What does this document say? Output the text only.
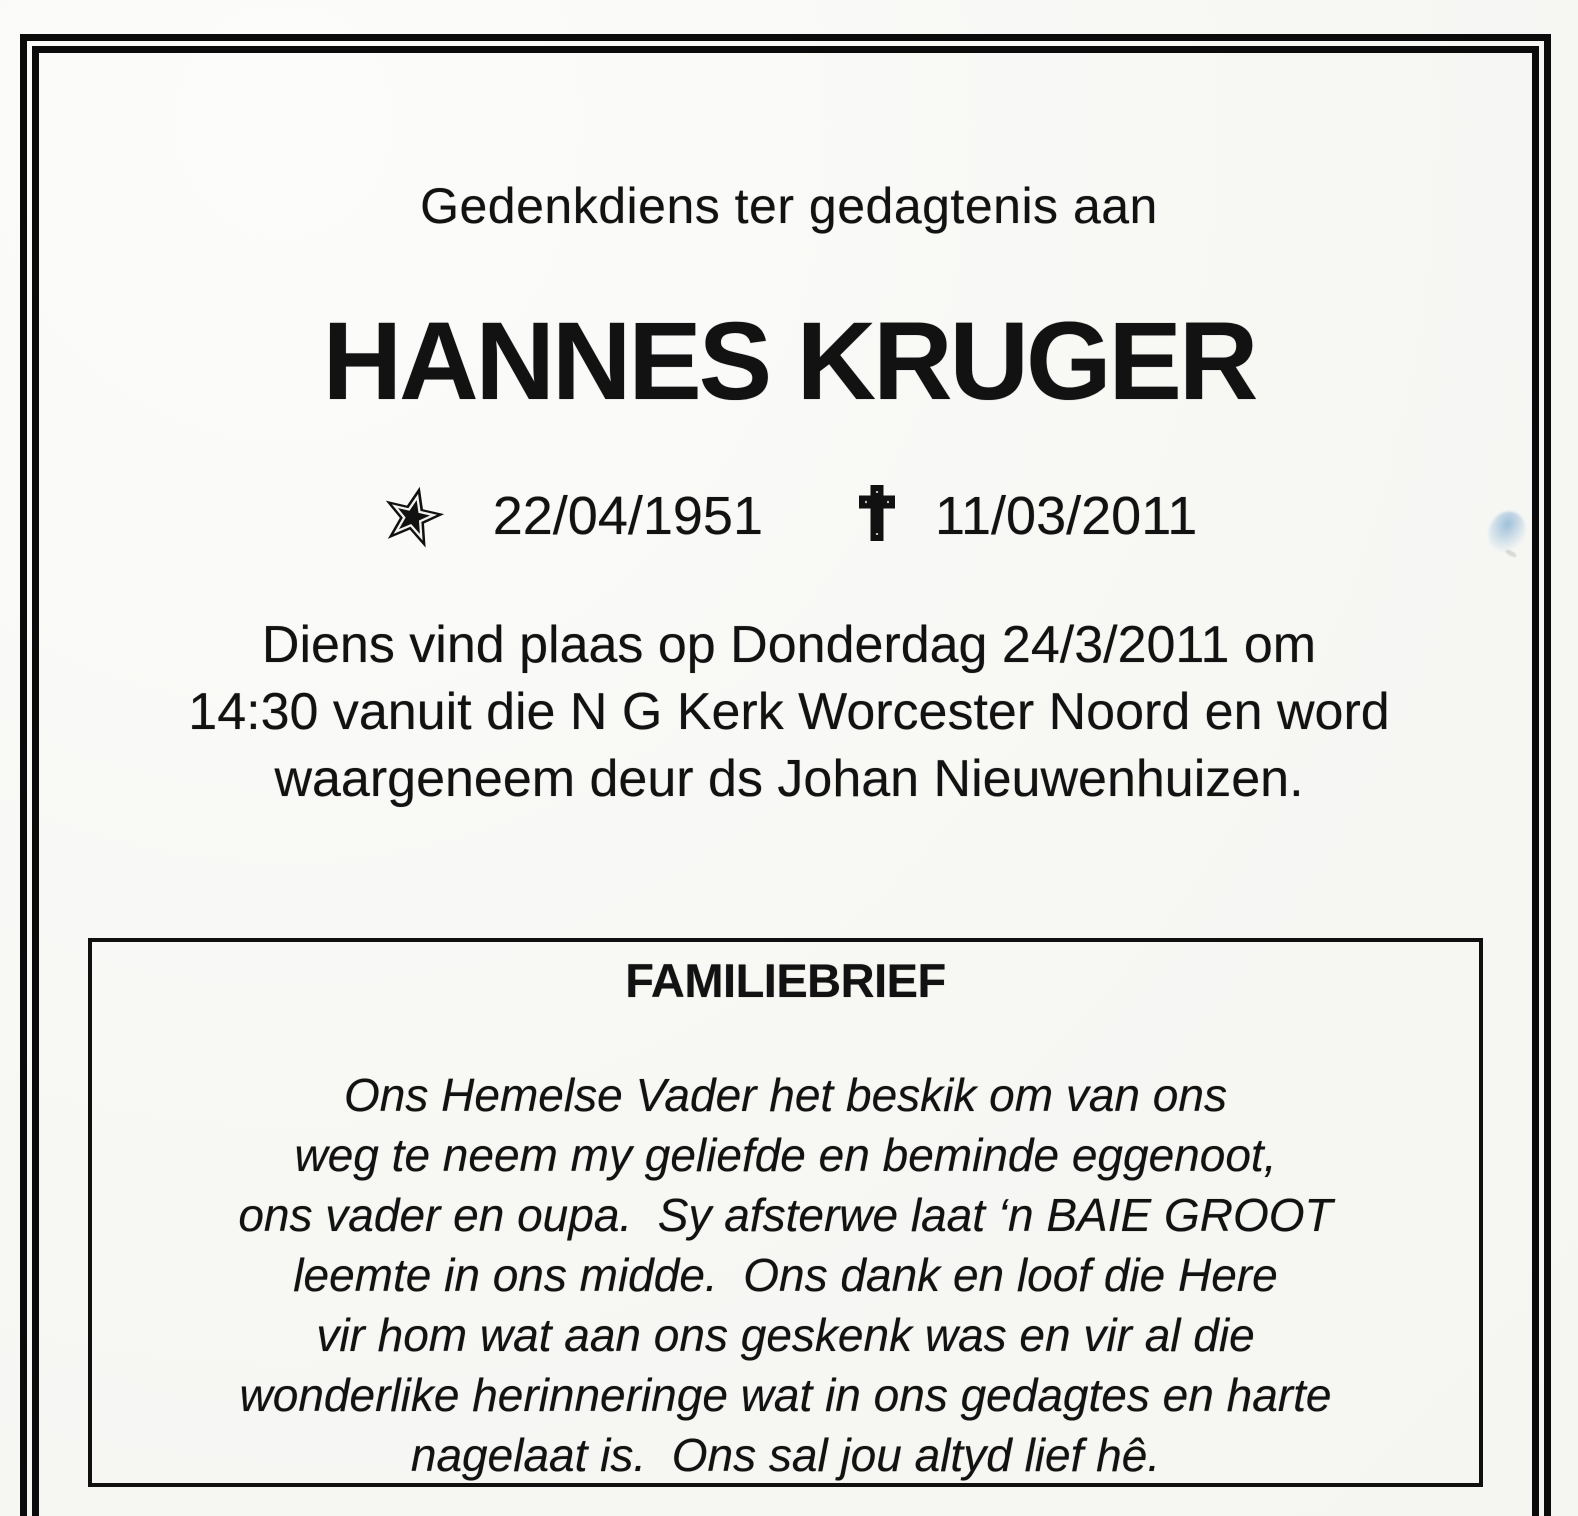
Gedenkdiens ter gedagtenis aan
HANNES KRUGER
22/04/1951	11/03/2011
Diens vind plaas op Donderdag 24/3/2011 om
14:30 vanuit die N G Kerk Worcester Noord en word
waargeneem deur ds Johan Nieuwenhuizen.
FAMILIEBRIEF
Ons Hemelse Vader het beskik om van ons
weg te neem my geliefde en beminde eggenoot,
ons vader en oupa.  Sy afsterwe laat ‘n BAIE GROOT
leemte in ons midde.  Ons dank en loof die Here
vir hom wat aan ons geskenk was en vir al die
wonderlike herinneringe wat in ons gedagtes en harte
nagelaat is.  Ons sal jou altyd lief hê.
